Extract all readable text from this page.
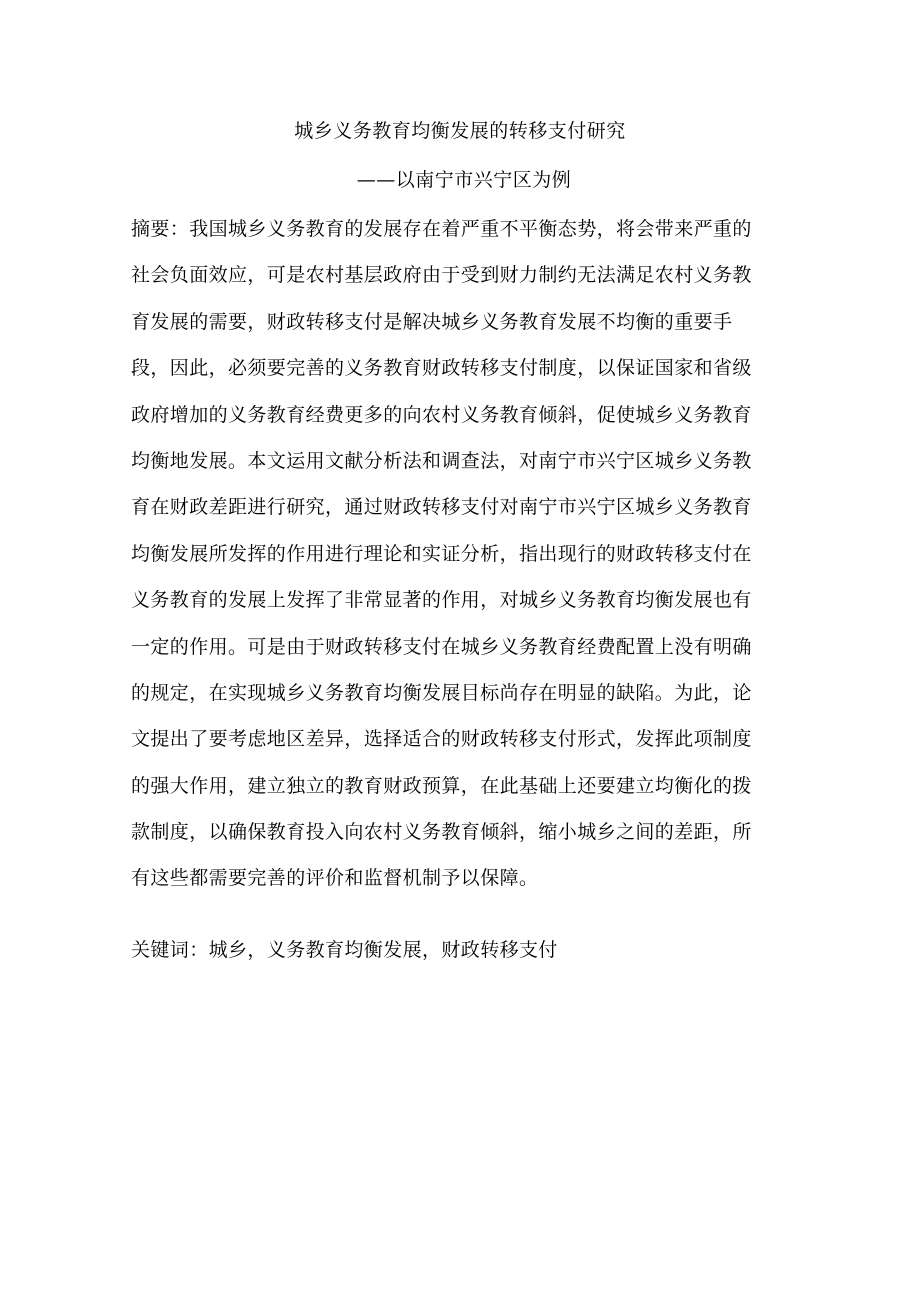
城乡义务教育均衡发展的转移支付研究
——以南宁市兴宁区为例
摘要：我国城乡义务教育的发展存在着严重不平衡态势，将会带来严重的
社会负面效应，可是农村基层政府由于受到财力制约无法满足农村义务教
育发展的需要，财政转移支付是解决城乡义务教育发展不均衡的重要手
段，因此，必须要完善的义务教育财政转移支付制度，以保证国家和省级
政府增加的义务教育经费更多的向农村义务教育倾斜，促使城乡义务教育
均衡地发展。本文运用文献分析法和调查法，对南宁市兴宁区城乡义务教
育在财政差距进行研究，通过财政转移支付对南宁市兴宁区城乡义务教育
均衡发展所发挥的作用进行理论和实证分析，指出现行的财政转移支付在
义务教育的发展上发挥了非常显著的作用，对城乡义务教育均衡发展也有
一定的作用。可是由于财政转移支付在城乡义务教育经费配置上没有明确
的规定，在实现城乡义务教育均衡发展目标尚存在明显的缺陷。为此，论
文提出了要考虑地区差异，选择适合的财政转移支付形式，发挥此项制度
的强大作用，建立独立的教育财政预算，在此基础上还要建立均衡化的拨
款制度，以确保教育投入向农村义务教育倾斜，缩小城乡之间的差距，所
有这些都需要完善的评价和监督机制予以保障。
关键词：城乡，义务教育均衡发展，财政转移支付
